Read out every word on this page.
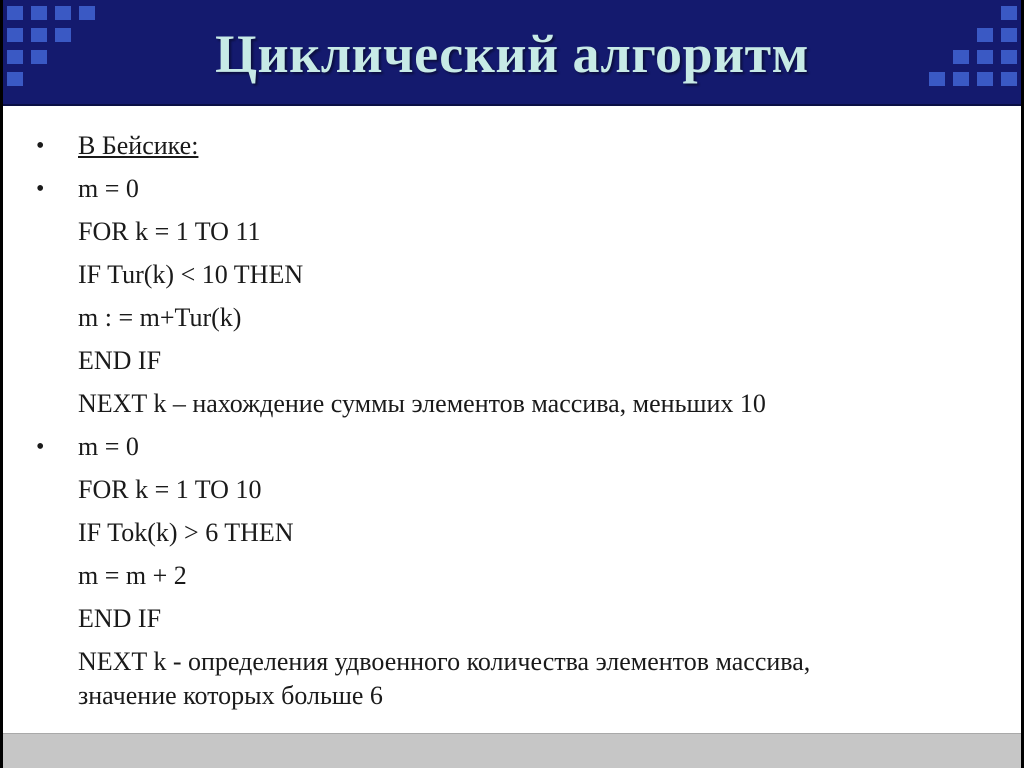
Циклический алгоритм
• В Бейсике:
• m = 0
FOR k = 1 TO 11
IF Tur(k) < 10 THEN
m : = m+Tur(k)
END IF
NEXT k – нахождение суммы элементов массива, меньших 10
• m = 0
FOR k = 1 TO 10
IF Tok(k) > 6 THEN
m = m + 2
END IF
NEXT k - определения удвоенного количества элементов массива,
значение которых больше 6
